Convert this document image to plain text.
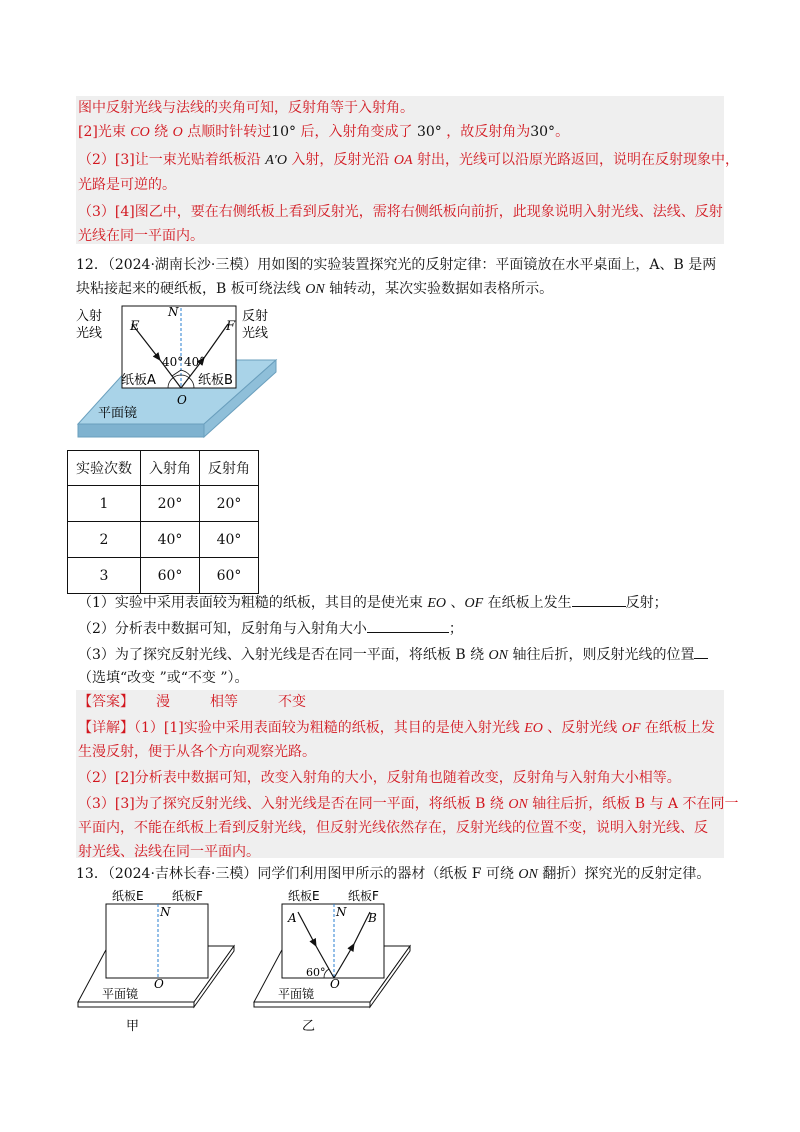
图中反射光线与法线的夹角可知，反射角等于入射角。
[2]光束 CO 绕 O 点顺时针转过10° 后，入射角变成了 30° ，故反射角为30°。
（2）[3]让一束光贴着纸板沿 A′O 入射，反射光沿 OA 射出，光线可以沿原光路返回，说明在反射现象中，
光路是可逆的。
（3）[4]图乙中，要在右侧纸板上看到反射光，需将右侧纸板向前折，此现象说明入射光线、法线、反射
光线在同一平面内。
12．（2024·湖南长沙·三模）用如图的实验装置探究光的反射定律：平面镜放在水平桌面上，A、B 是两
块粘接起来的硬纸板，B 板可绕法线 ON 轴转动，某次实验数据如表格所示。
入射
光线
反射
光线
E	F
N
O
40° 40°
纸板A	纸板B
平面镜
实验次数	入射角	反射角
1	20°	20°
2	40°	40°
3	60°	60°
（1）实验中采用表面较为粗糙的纸板，其目的是使光束 EO 、OF 在纸板上发生	反射；
（2）分析表中数据可知，反射角与入射角大小	；
（3）为了探究反射光线、入射光线是否在同一平面，将纸板 B 绕 ON 轴往后折，则反射光线的位置
（选填“改变 ”或“不变 ”）。
【答案】 漫	相等	不变
【详解】（1）[1]实验中采用表面较为粗糙的纸板，其目的是使入射光线 EO 、反射光线 OF 在纸板上发
生漫反射，便于从各个方向观察光路。
（2）[2]分析表中数据可知，改变入射角的大小，反射角也随着改变，反射角与入射角大小相等。
（3）[3]为了探究反射光线、入射光线是否在同一平面，将纸板 B 绕 ON 轴往后折，纸板 B 与 A 不在同一
平面内，不能在纸板上看到反射光线，但反射光线依然存在，反射光线的位置不变，说明入射光线、反
射光线、法线在同一平面内。
13．（2024·吉林长春·三模）同学们利用图甲所示的器材（纸板 F 可绕 ON 翻折）探究光的反射定律。
纸板E 纸板F
N
O
平面镜
甲
纸板E 纸板F
N
A	B
60°
O
平面镜
乙
